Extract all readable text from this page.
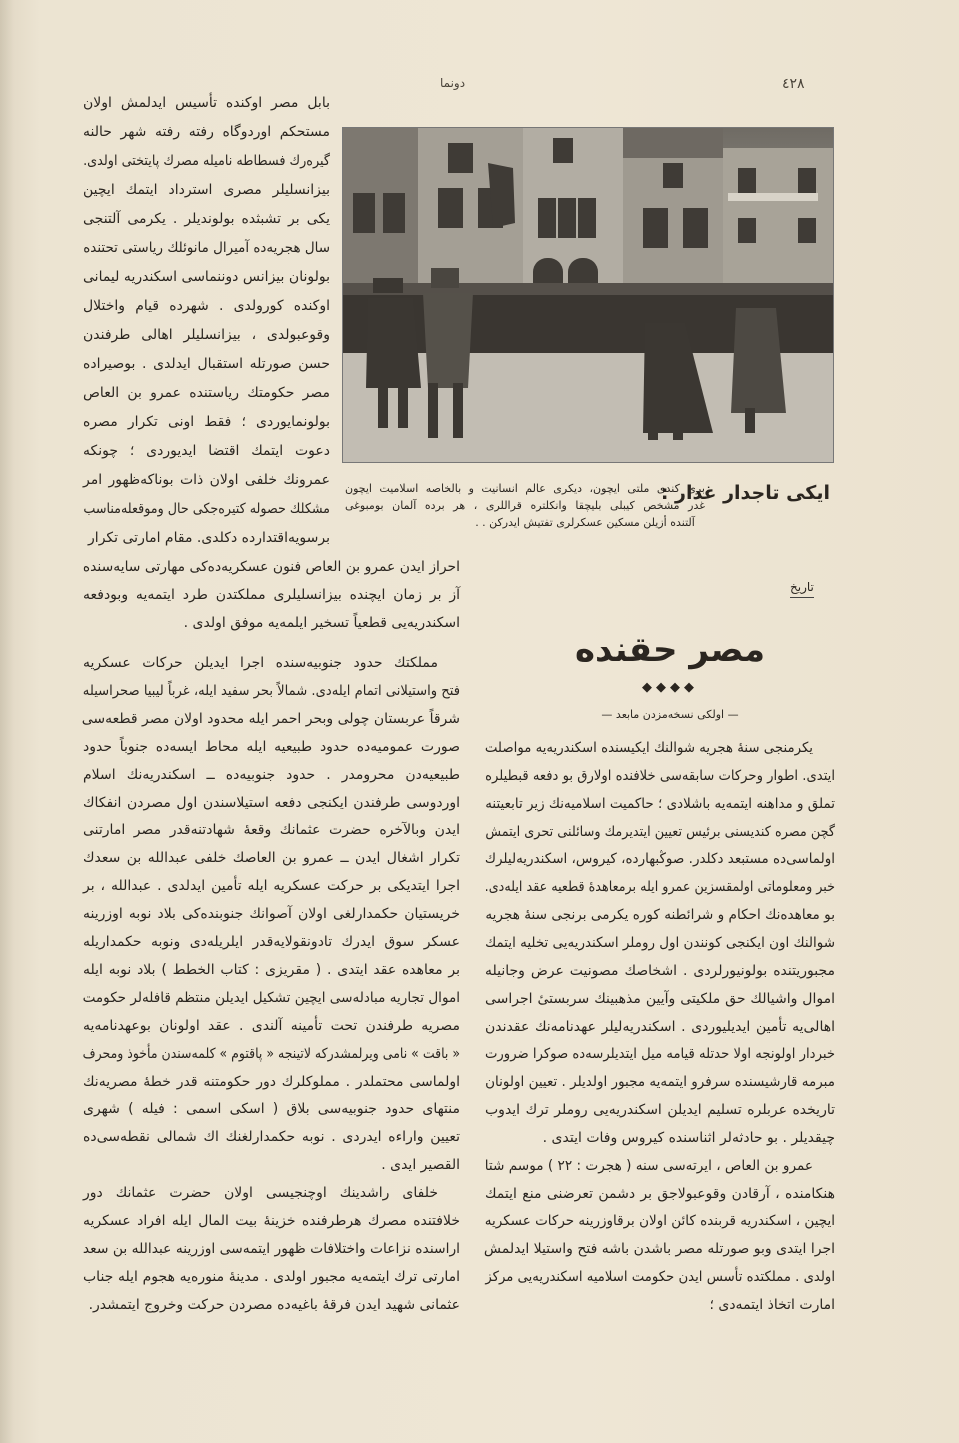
٤٢٨
دونما
بابل مصر اوکنده تأسیس ایدلمش اولان
مستحکم اوردوگاه رفته رفته شهر حالنه
گیره‌رك فسطاطه نامیله مصرك پایتختی اولدی.
بیزانسلیلر مصری استرداد ایتمك ایچین
یکی بر تشبثده بولوندیلر . یکرمی آلتنجی
سال هجریه‌ده آمیرال مانوئلك ریاستی تحتنده
بولونان بیزانس دوننماسی اسکندریه لیمانی
اوکنده کورولدی . شهرده قیام واختلال
وقوعبولدی ، بیزانسلیلر اهالی طرفندن
حسن صورتله استقبال ایدلدی . بوصیراده
مصر حکومتك ریاستنده عمرو بن العاص
بولونمایوردی ؛ فقط اونی تکرار مصره
دعوت ایتمك اقتضا ایدیوردی ؛ چونکه
عمرونك خلفی اولان ذات بوناکه‌ظهور امر
مشکلك حصوله کتیره‌جکی حال وموقعله‌مناسب
برسویه‌اقتدارده دکلدی. مقام امارتی تکرار
ایکی تاجدار غدار :
بری کندی ملتی ایچون، دیکری عالم انسانیت و بالخاصه اسلامیت ایچون
غدر مشخص کیبلی بلیچقا وانکلتره قراللری ، هر برده آلمان بومبوغی
آلتنده أزیلن مسکین عسکرلری تفتیش ایدرکن . .
احراز ایدن عمرو بن العاص فنون عسکریه‌ده‌کی مهارتی سایه‌سنده
آز بر زمان ایچنده بیزانسلیلری مملکتدن طرد ایتمه‌یه وبودفعه
اسکندریه‌یی قطعیاً تسخیر ایلمه‌یه موفق اولدی .
مملکتك حدود جنوبیه‌سنده اجرا ایدیلن حرکات عسکریه
فتح واستیلانی اتمام ایله‌دی. شمالاً بحر سفید ایله، غرباً لیبیا صحراسیله
شرقاً عربستان چولی وبحر احمر ایله محدود اولان مصر قطعه‌سی
صورت عمومیه‌ده حدود طبیعیه ایله محاط ایسه‌ده جنوباً حدود
طبیعیه‌دن محرومدر . حدود جنوبیه‌ده ــ اسکندریه‌نك اسلام
اوردوسی طرفندن ایکنجی دفعه استیلاسندن اول مصردن انفکاك
ایدن وبالآخره حضرت عثمانك وقعهٔ شهادتنه‌قدر مصر امارتنی
تکرار اشغال ایدن ــ عمرو بن العاصك خلفی عبدالله بن سعدك
اجرا ایتدیکی بر حرکت عسکریه ایله تأمین ایدلدی . عبدالله ، بر
خریستیان حکمدارلغی اولان آصوانك جنوبنده‌کی بلاد نوبه اوزرینه
عسکر سوق ایدرك تادونقولایه‌قدر ایلریله‌دی ونوبه حکمداریله
بر معاهده عقد ایتدی . ( مقریزی : کتاب الخطط ) بلاد نوبه ایله
اموال تجاریه مبادله‌سی ایچین تشکیل ایدیلن منتظم قافله‌لر حکومت
مصریه طرفندن تحت تأمینه آلندی . عقد اولونان بوعهدنامه‌یه
« باقت » نامی ویرلمشدرکه لاتینجه « پاقتوم » کلمه‌سندن مأخوذ ومحرف
اولماسی محتملدر . مملوکلرك دور حکومتنه قدر خطهٔ مصریه‌نك
منتهای حدود جنوبیه‌سی بلاق ( اسکی اسمی : فیله ) شهری
تعیین واراءه ایدردی . نوبه حکمدارلغنك اك شمالی نقطه‌سی‌ده
القصیر ایدی .
خلفای راشدینك اوچنجیسی اولان حضرت عثمانك دور
خلافتنده مصرك هرطرفنده خزینهٔ بیت المال ایله افراد عسکریه
اراسنده نزاعات واختلافات ظهور ایتمه‌سی اوزرینه عبدالله بن سعد
امارتی ترك ایتمه‌یه مجبور اولدی . مدینهٔ منوره‌یه هجوم ایله جناب
عثمانی شهید ایدن فرقهٔ باغیه‌ده مصردن حرکت وخروج ایتمشدر.
تاریخ
مصر حقنده
◆◆◆◆
— اولکی نسخه‌مزدن مابعد —
یکرمنجی سنهٔ هجریه شوالنك ایکیسنده اسکندریه‌یه مواصلت
ایتدی. اطوار وحرکات سابقه‌سی خلافنده اولارق بو دفعه قبطیلره
تملق و مداهنه ایتمه‌یه باشلادی ؛ حاکمیت اسلامیه‌نك زیر تابعیتنه
گچن مصره کندیسنی برئیس تعیین ایتدیرمك وسائلنی تحری ایتمش
اولماسی‌ده مستبعد دکلدر. صوڭبهارده، کیروس، اسکندریه‌لیلرك
خبر ومعلوماتی اولمقسزین عمرو ایله برمعاهدهٔ قطعیه عقد ایله‌دی.
بو معاهده‌نك احکام و شرائطنه کوره یکرمی برنجی سنهٔ هجریه
شوالنك اون ایکنجی کونندن اول روملر اسکندریه‌یی تخلیه ایتمك
مجبوریتنده بولونیورلردی . اشخاصك مصونیت عرض وجانیله
اموال واشیالك حق ملکیتی وآیین مذهبینك سربستیٔ اجراسی
اهالی‌یه تأمین ایدیلیوردی . اسکندریه‌لیلر عهدنامه‌نك عقدندن
خبردار اولونجه اولا حدتله قیامه میل ایتدیلرسه‌ده صوکرا ضرورت
مبرمه قارشیسنده سرفرو ایتمه‌یه مجبور اولدیلر . تعیین اولونان
تاریخده عربلره تسلیم ایدیلن اسکندریه‌یی روملر ترك ایدوب
چیقدیلر . بو حادثه‌لر اثناسنده کیروس وفات ایتدی .
عمرو بن العاص ، ایرته‌سی سنه ( هجرت : ۲۲ ) موسم شتا
هنکامنده ، آرقادن وقوعبولاجق بر دشمن تعرضنی منع ایتمك
ایچین ، اسکندریه قربنده کائن اولان برقاوزرینه حرکات عسکریه
اجرا ایتدی وبو صورتله مصر باشدن باشه فتح واستیلا ایدلمش
اولدی . مملکتده تأسس ایدن حکومت اسلامیه اسکندریه‌یی مرکز
امارت اتخاذ ایتمه‌دی ؛
